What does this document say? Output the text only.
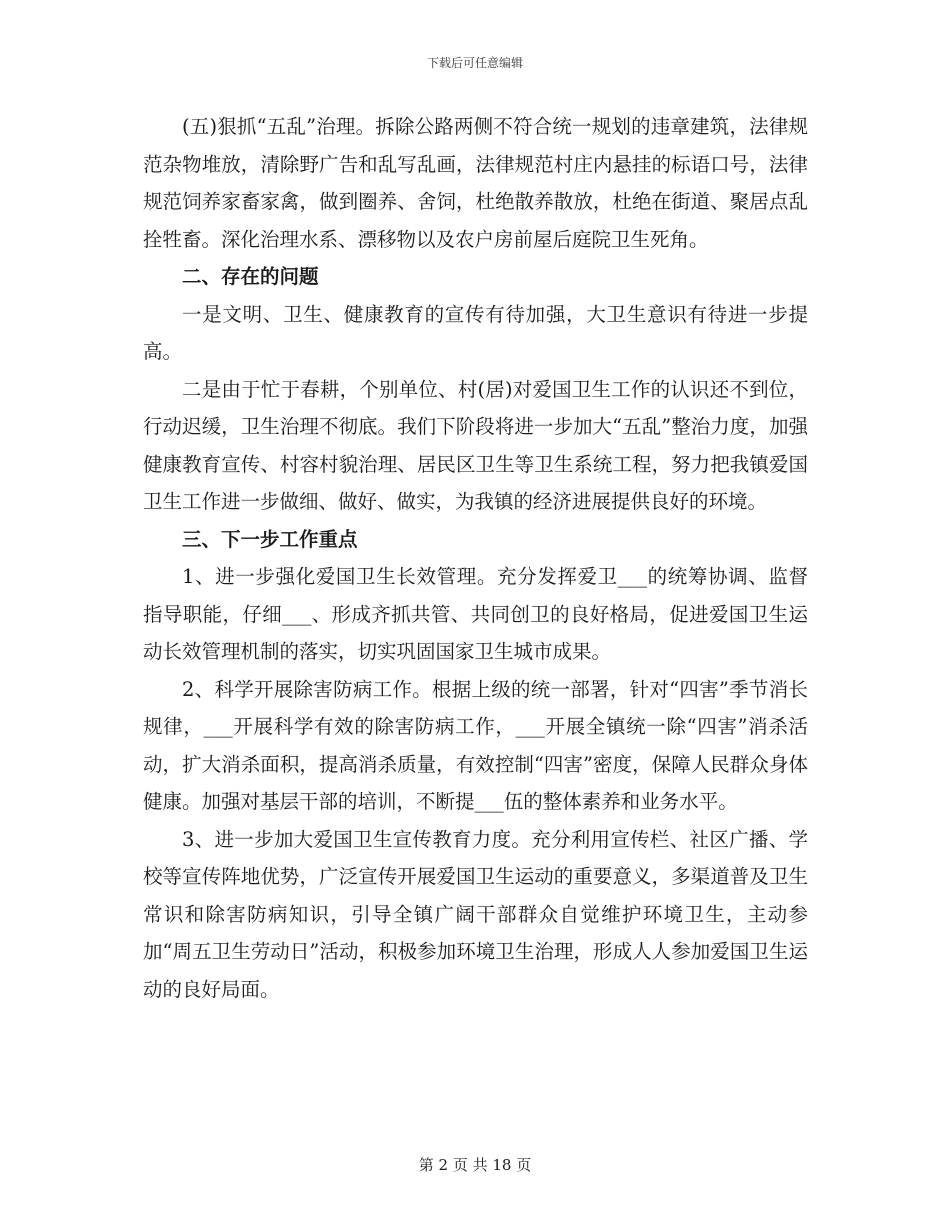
下载后可任意编辑

(五)狠抓“五乱”治理。拆除公路两侧不符合统一规划的违章建筑，法律规范杂物堆放，清除野广告和乱写乱画，法律规范村庄内悬挂的标语口号，法律规范饲养家畜家禽，做到圈养、舍饲，杜绝散养散放，杜绝在街道、聚居点乱拴牲畜。深化治理水系、漂移物以及农户房前屋后庭院卫生死角。

二、存在的问题

一是文明、卫生、健康教育的宣传有待加强，大卫生意识有待进一步提高。

二是由于忙于春耕，个别单位、村(居)对爱国卫生工作的认识还不到位，行动迟缓，卫生治理不彻底。我们下阶段将进一步加大“五乱”整治力度，加强健康教育宣传、村容村貌治理、居民区卫生等卫生系统工程，努力把我镇爱国卫生工作进一步做细、做好、做实，为我镇的经济进展提供良好的环境。

三、下一步工作重点

1、进一步强化爱国卫生长效管理。充分发挥爱卫___的统筹协调、监督指导职能，仔细___、形成齐抓共管、共同创卫的良好格局，促进爱国卫生运动长效管理机制的落实，切实巩固国家卫生城市成果。

2、科学开展除害防病工作。根据上级的统一部署，针对“四害”季节消长规律，___开展科学有效的除害防病工作，___开展全镇统一除“四害”消杀活动，扩大消杀面积，提高消杀质量，有效控制“四害”密度，保障人民群众身体健康。加强对基层干部的培训，不断提___伍的整体素养和业务水平。

3、进一步加大爱国卫生宣传教育力度。充分利用宣传栏、社区广播、学校等宣传阵地优势，广泛宣传开展爱国卫生运动的重要意义，多渠道普及卫生常识和除害防病知识，引导全镇广阔干部群众自觉维护环境卫生，主动参加“周五卫生劳动日”活动，积极参加环境卫生治理，形成人人参加爱国卫生运动的良好局面。

第 2 页 共 18 页
